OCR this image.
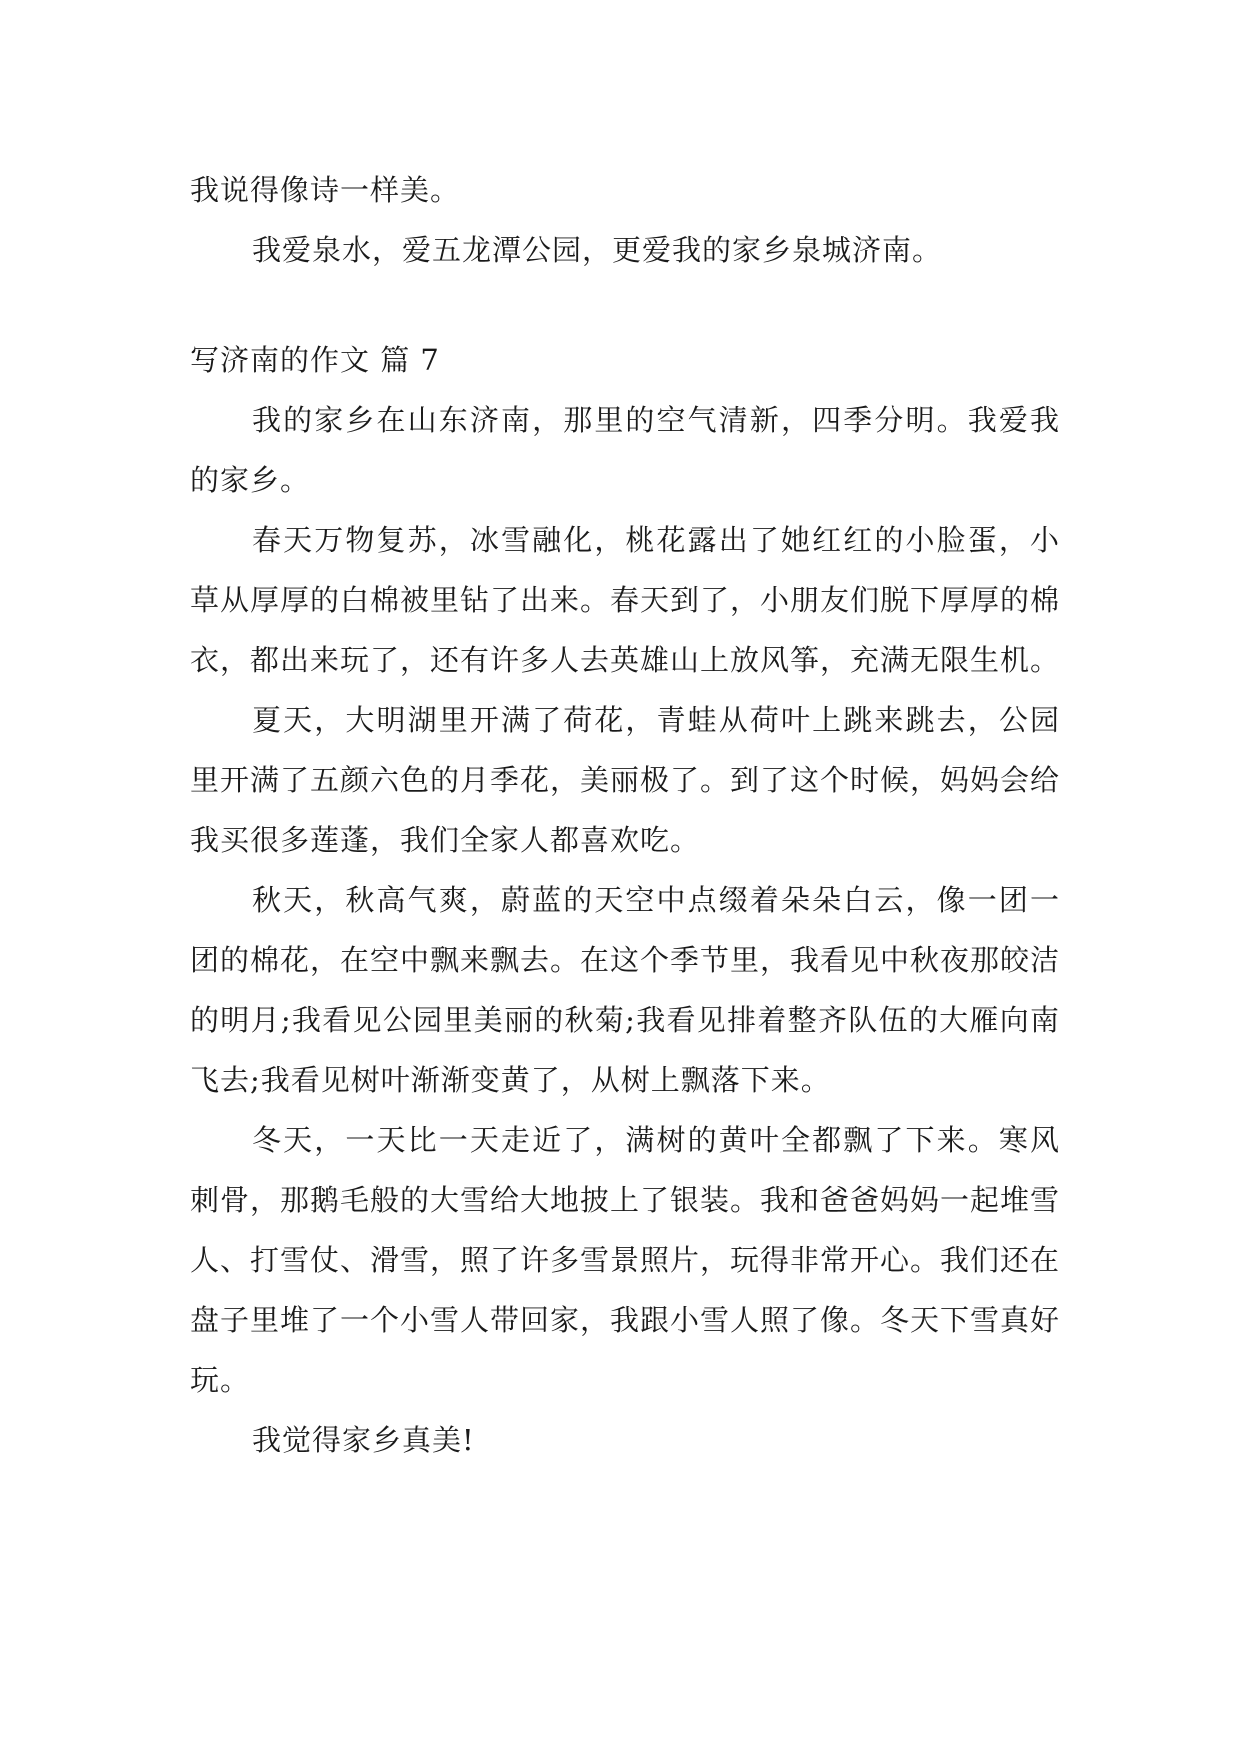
我说得像诗一样美。

我爱泉水，爱五龙潭公园，更爱我的家乡泉城济南。

写济南的作文 篇 7

我的家乡在山东济南，那里的空气清新，四季分明。我爱我的家乡。

春天万物复苏，冰雪融化，桃花露出了她红红的小脸蛋，小草从厚厚的白棉被里钻了出来。春天到了，小朋友们脱下厚厚的棉衣，都出来玩了，还有许多人去英雄山上放风筝，充满无限生机。

夏天，大明湖里开满了荷花，青蛙从荷叶上跳来跳去，公园里开满了五颜六色的月季花，美丽极了。到了这个时候，妈妈会给我买很多莲蓬，我们全家人都喜欢吃。

秋天，秋高气爽，蔚蓝的天空中点缀着朵朵白云，像一团一团的棉花，在空中飘来飘去。在这个季节里，我看见中秋夜那皎洁的明月;我看见公园里美丽的秋菊;我看见排着整齐队伍的大雁向南飞去;我看见树叶渐渐变黄了，从树上飘落下来。

冬天，一天比一天走近了，满树的黄叶全都飘了下来。寒风刺骨，那鹅毛般的大雪给大地披上了银装。我和爸爸妈妈一起堆雪人、打雪仗、滑雪，照了许多雪景照片，玩得非常开心。我们还在盘子里堆了一个小雪人带回家，我跟小雪人照了像。冬天下雪真好玩。

我觉得家乡真美!
